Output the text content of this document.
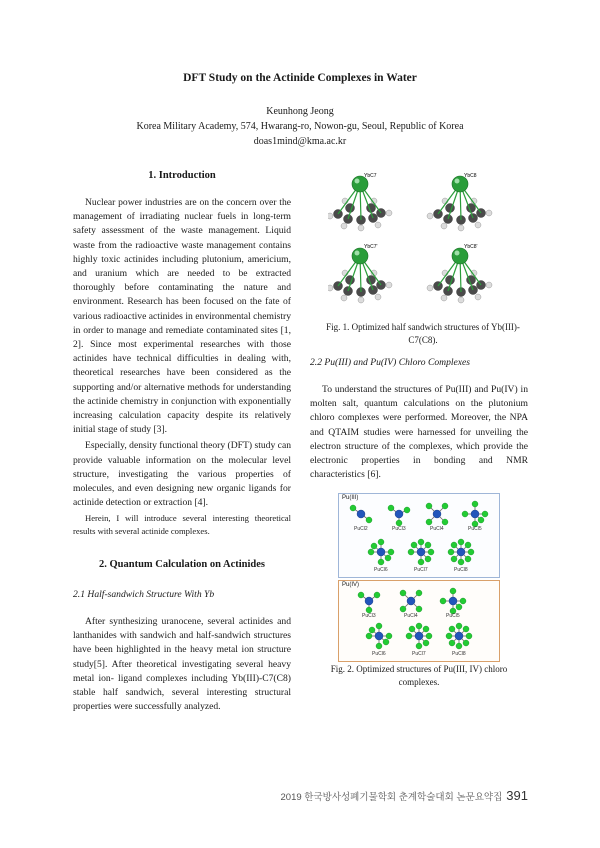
DFT Study on the Actinide Complexes in Water
Keunhong Jeong
Korea Military Academy, 574, Hwarang-ro, Nowon-gu, Seoul, Republic of Korea
doas1mind@kma.ac.kr
1. Introduction

Nuclear power industries are on the concern over the management of irradiating nuclear fuels in long-term safety assessment of the waste management. Liquid waste from the radioactive waste management contains highly toxic actinides including plutonium, americium, and uranium which are needed to be extracted thoroughly before contaminating the nature and environment. Research has been focused on the fate of various radioactive actinides in environmental chemistry in order to manage and remediate contaminated sites [1, 2]. Since most experimental researches with those actinides have technical difficulties in dealing with, theoretical researches have been considered as the supporting and/or alternative methods for understanding the actinide chemistry in conjunction with exponentially increasing calculation capacity despite its relatively initial stage of study [3].

Especially, density functional theory (DFT) study can provide valuable information on the molecular level structure, investigating the various properties of molecules, and even designing new organic ligands for actinide detection or extraction [4].

Herein, I will introduce several interesting theoretical results with several actinide complexes.

2. Quantum Calculation on Actinides
2.1 Half-sandwich Structure With Yb

After synthesizing uranocene, several actinides and lanthanides with sandwich and half-sandwich structures have been highlighted in the heavy metal ion structure study[5]. After theoretical investigating several heavy metal ion- ligand complexes including Yb(III)-C7(C8) stable half sandwich, several interesting structural properties were successfully analyzed.

YbC7	YbC8
YbC7'	YbC8'
Fig. 1. Optimized half sandwich structures of Yb(III)-C7(C8).
2.2 Pu(III) and Pu(IV) Chloro Complexes

To understand the structures of Pu(III) and Pu(IV) in molten salt, quantum calculations on the plutonium chloro complexes were performed. Moreover, the NPA and QTAIM studies were harnessed for unveiling the electron structure of the complexes, which provide the electronic properties in bonding and NMR characteristics [6].

Pu(III)
PuCl2	PuCl3	PuCl4	PuCl5
PuCl6	PuCl7	PuCl8
Pu(IV)
PuCl3	PuCl4	PuCl5
PuCl6	PuCl7	PuCl8
Fig. 2. Optimized structures of Pu(III, IV) chloro complexes.
2019 한국방사성폐기물학회 춘계학술대회 논문요약집 391
